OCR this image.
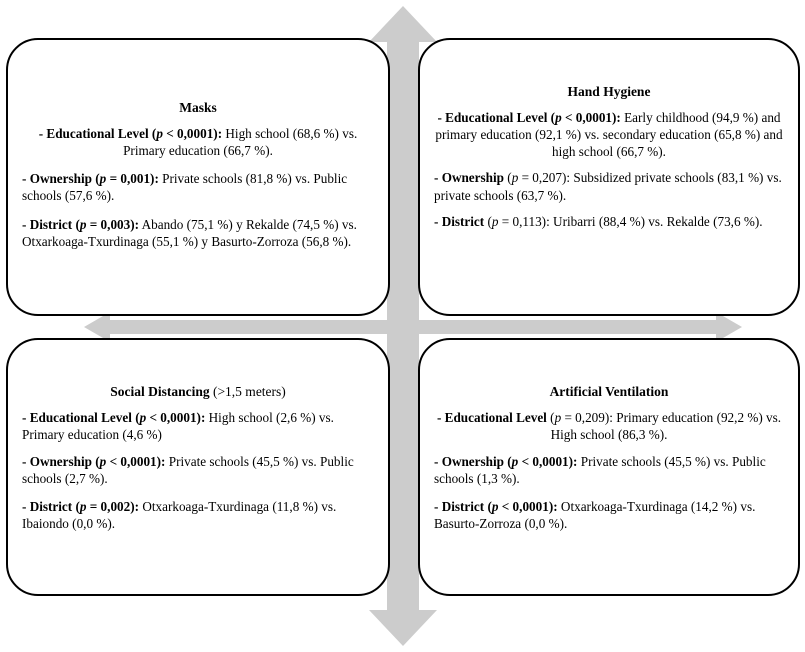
Masks

- Educational Level (p < 0,0001): High school (68,6 %) vs. Primary education (66,7 %).

- Ownership (p = 0,001): Private schools (81,8 %) vs. Public schools (57,6 %).

- District (p = 0,003): Abando (75,1 %) y Rekalde (74,5 %) vs. Otxarkoaga-Txurdinaga (55,1 %) y Basurto-Zorroza (56,8 %).

Hand Hygiene

- Educational Level (p < 0,0001): Early childhood (94,9 %) and primary education (92,1 %) vs. secondary education (65,8 %) and high school (66,7 %).

- Ownership (p = 0,207): Subsidized private schools (83,1 %) vs. private schools (63,7 %).

- District (p = 0,113): Uribarri (88,4 %) vs. Rekalde (73,6 %).

Social Distancing (>1,5 meters)

- Educational Level (p < 0,0001): High school (2,6 %) vs. Primary education (4,6 %)

- Ownership (p < 0,0001): Private schools (45,5 %) vs. Public schools (2,7 %).

- District (p = 0,002): Otxarkoaga-Txurdinaga (11,8 %) vs. Ibaiondo (0,0 %).

Artificial Ventilation

- Educational Level (p = 0,209): Primary education (92,2 %) vs. High school (86,3 %).

- Ownership (p < 0,0001): Private schools (45,5 %) vs. Public schools (1,3 %).

- District (p < 0,0001): Otxarkoaga-Txurdinaga (14,2 %) vs. Basurto-Zorroza (0,0 %).
